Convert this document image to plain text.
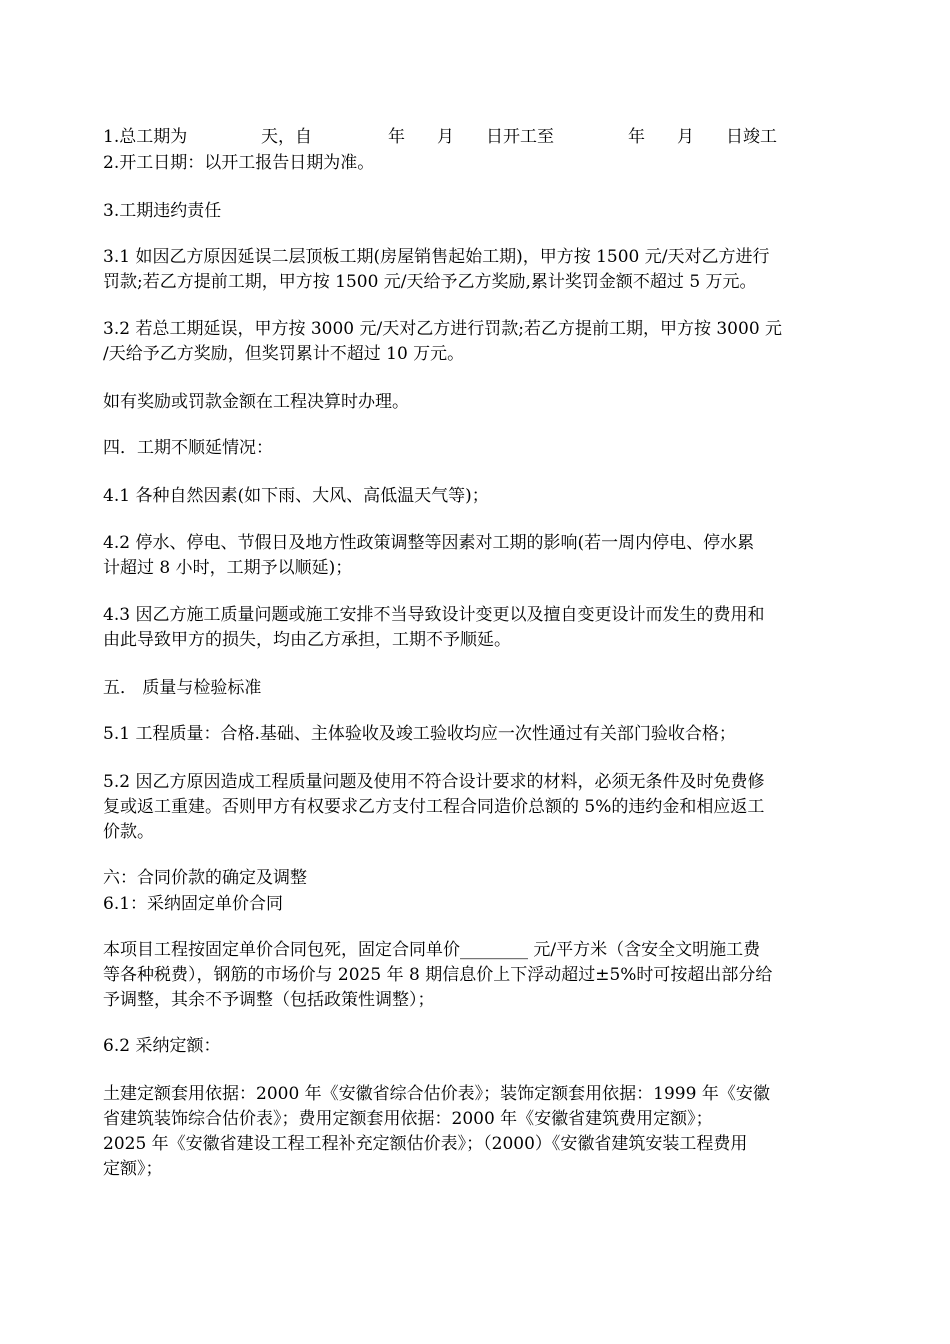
1.总工期为	天，自	年 月 日开工至	年 月 日竣工
2.开工日期：以开工报告日期为准。
3.工期违约责任
3.1 如因乙方原因延误二层顶板工期(房屋销售起始工期)，甲方按 1500 元/天对乙方进行
罚款;若乙方提前工期，甲方按 1500 元/天给予乙方奖励,累计奖罚金额不超过 5 万元。
3.2 若总工期延误，甲方按 3000 元/天对乙方进行罚款;若乙方提前工期，甲方按 3000 元
/天给予乙方奖励，但奖罚累计不超过 10 万元。
如有奖励或罚款金额在工程决算时办理。
四．工期不顺延情况：
4.1 各种自然因素(如下雨、大风、高低温天气等)；
4.2 停水、停电、节假日及地方性政策调整等因素对工期的影响(若一周内停电、停水累
计超过 8 小时，工期予以顺延)；
4.3 因乙方施工质量问题或施工安排不当导致设计变更以及擅自变更设计而发生的费用和
由此导致甲方的损失，均由乙方承担，工期不予顺延。
五． 质量与检验标准
5.1 工程质量：合格.基础、主体验收及竣工验收均应一次性通过有关部门验收合格；
5.2 因乙方原因造成工程质量问题及使用不符合设计要求的材料，必须无条件及时免费修
复或返工重建。否则甲方有权要求乙方支付工程合同造价总额的 5%的违约金和相应返工
价款。
六：合同价款的确定及调整
6.1：采纳固定单价合同
本项目工程按固定单价合同包死，固定合同单价________ 元/平方米（含安全文明施工费
等各种税费），钢筋的市场价与 2025 年 8 期信息价上下浮动超过±5%时可按超出部分给
予调整，其余不予调整（包括政策性调整）；
6.2 采纳定额：
土建定额套用依据：2000 年《安徽省综合估价表》；装饰定额套用依据：1999 年《安徽
省建筑装饰综合估价表》；费用定额套用依据：2000 年《安徽省建筑费用定额》；
2025 年《安徽省建设工程工程补充定额估价表》；（2000）《安徽省建筑安装工程费用
定额》；
